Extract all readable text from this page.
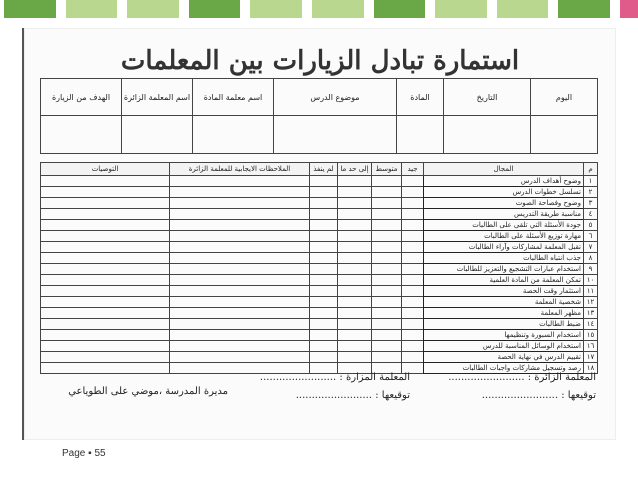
استمارة تبادل الزيارات بين المعلمات
اليوم	التاريخ	المادة	موضوع الدرس	اسم معلمة المادة	اسم المعلمة الزائرة	الهدف من الزيارة

م	المجال	جيد	متوسط	إلى حد ما	لم ينفذ	الملاحظات الايجابية للمعلمة الزائرة	التوصيات
١	وضوح أهداف الدرس						
٢	تسلسل خطوات الدرس						
٣	وضوح وفصاحة الصوت						
٤	مناسبة طريقة التدريس						
٥	جودة الأسئلة التي تلقى على الطالبات						
٦	مهارة توزيع الأسئلة على الطالبات						
٧	تقبل المعلمة لمشاركات وآراء الطالبات						
٨	جذب انتباه الطالبات						
٩	استخدام عبارات التشجيع والتعزيز للطالبات						
١٠	تمكن المعلمة من المادة العلمية						
١١	استثمار وقت الحصة						
١٢	شخصية المعلمة						
١٣	مظهر المعلمة						
١٤	ضبط الطالبات						
١٥	استخدام السبورة وتنظيمها						
١٦	استخدام الوسائل المناسبة للدرس						
١٧	تقييم الدرس في نهاية الحصة						
١٨	رصد وتسجيل مشاركات واجبات الطالبات						
المعلمة الزائرة : ........................
المعلمة المزارة : ........................
توقيعها : ........................
توقيعها : ........................
مديرة المدرسة ،موضي على الطوياعي
Page ▪ 55
